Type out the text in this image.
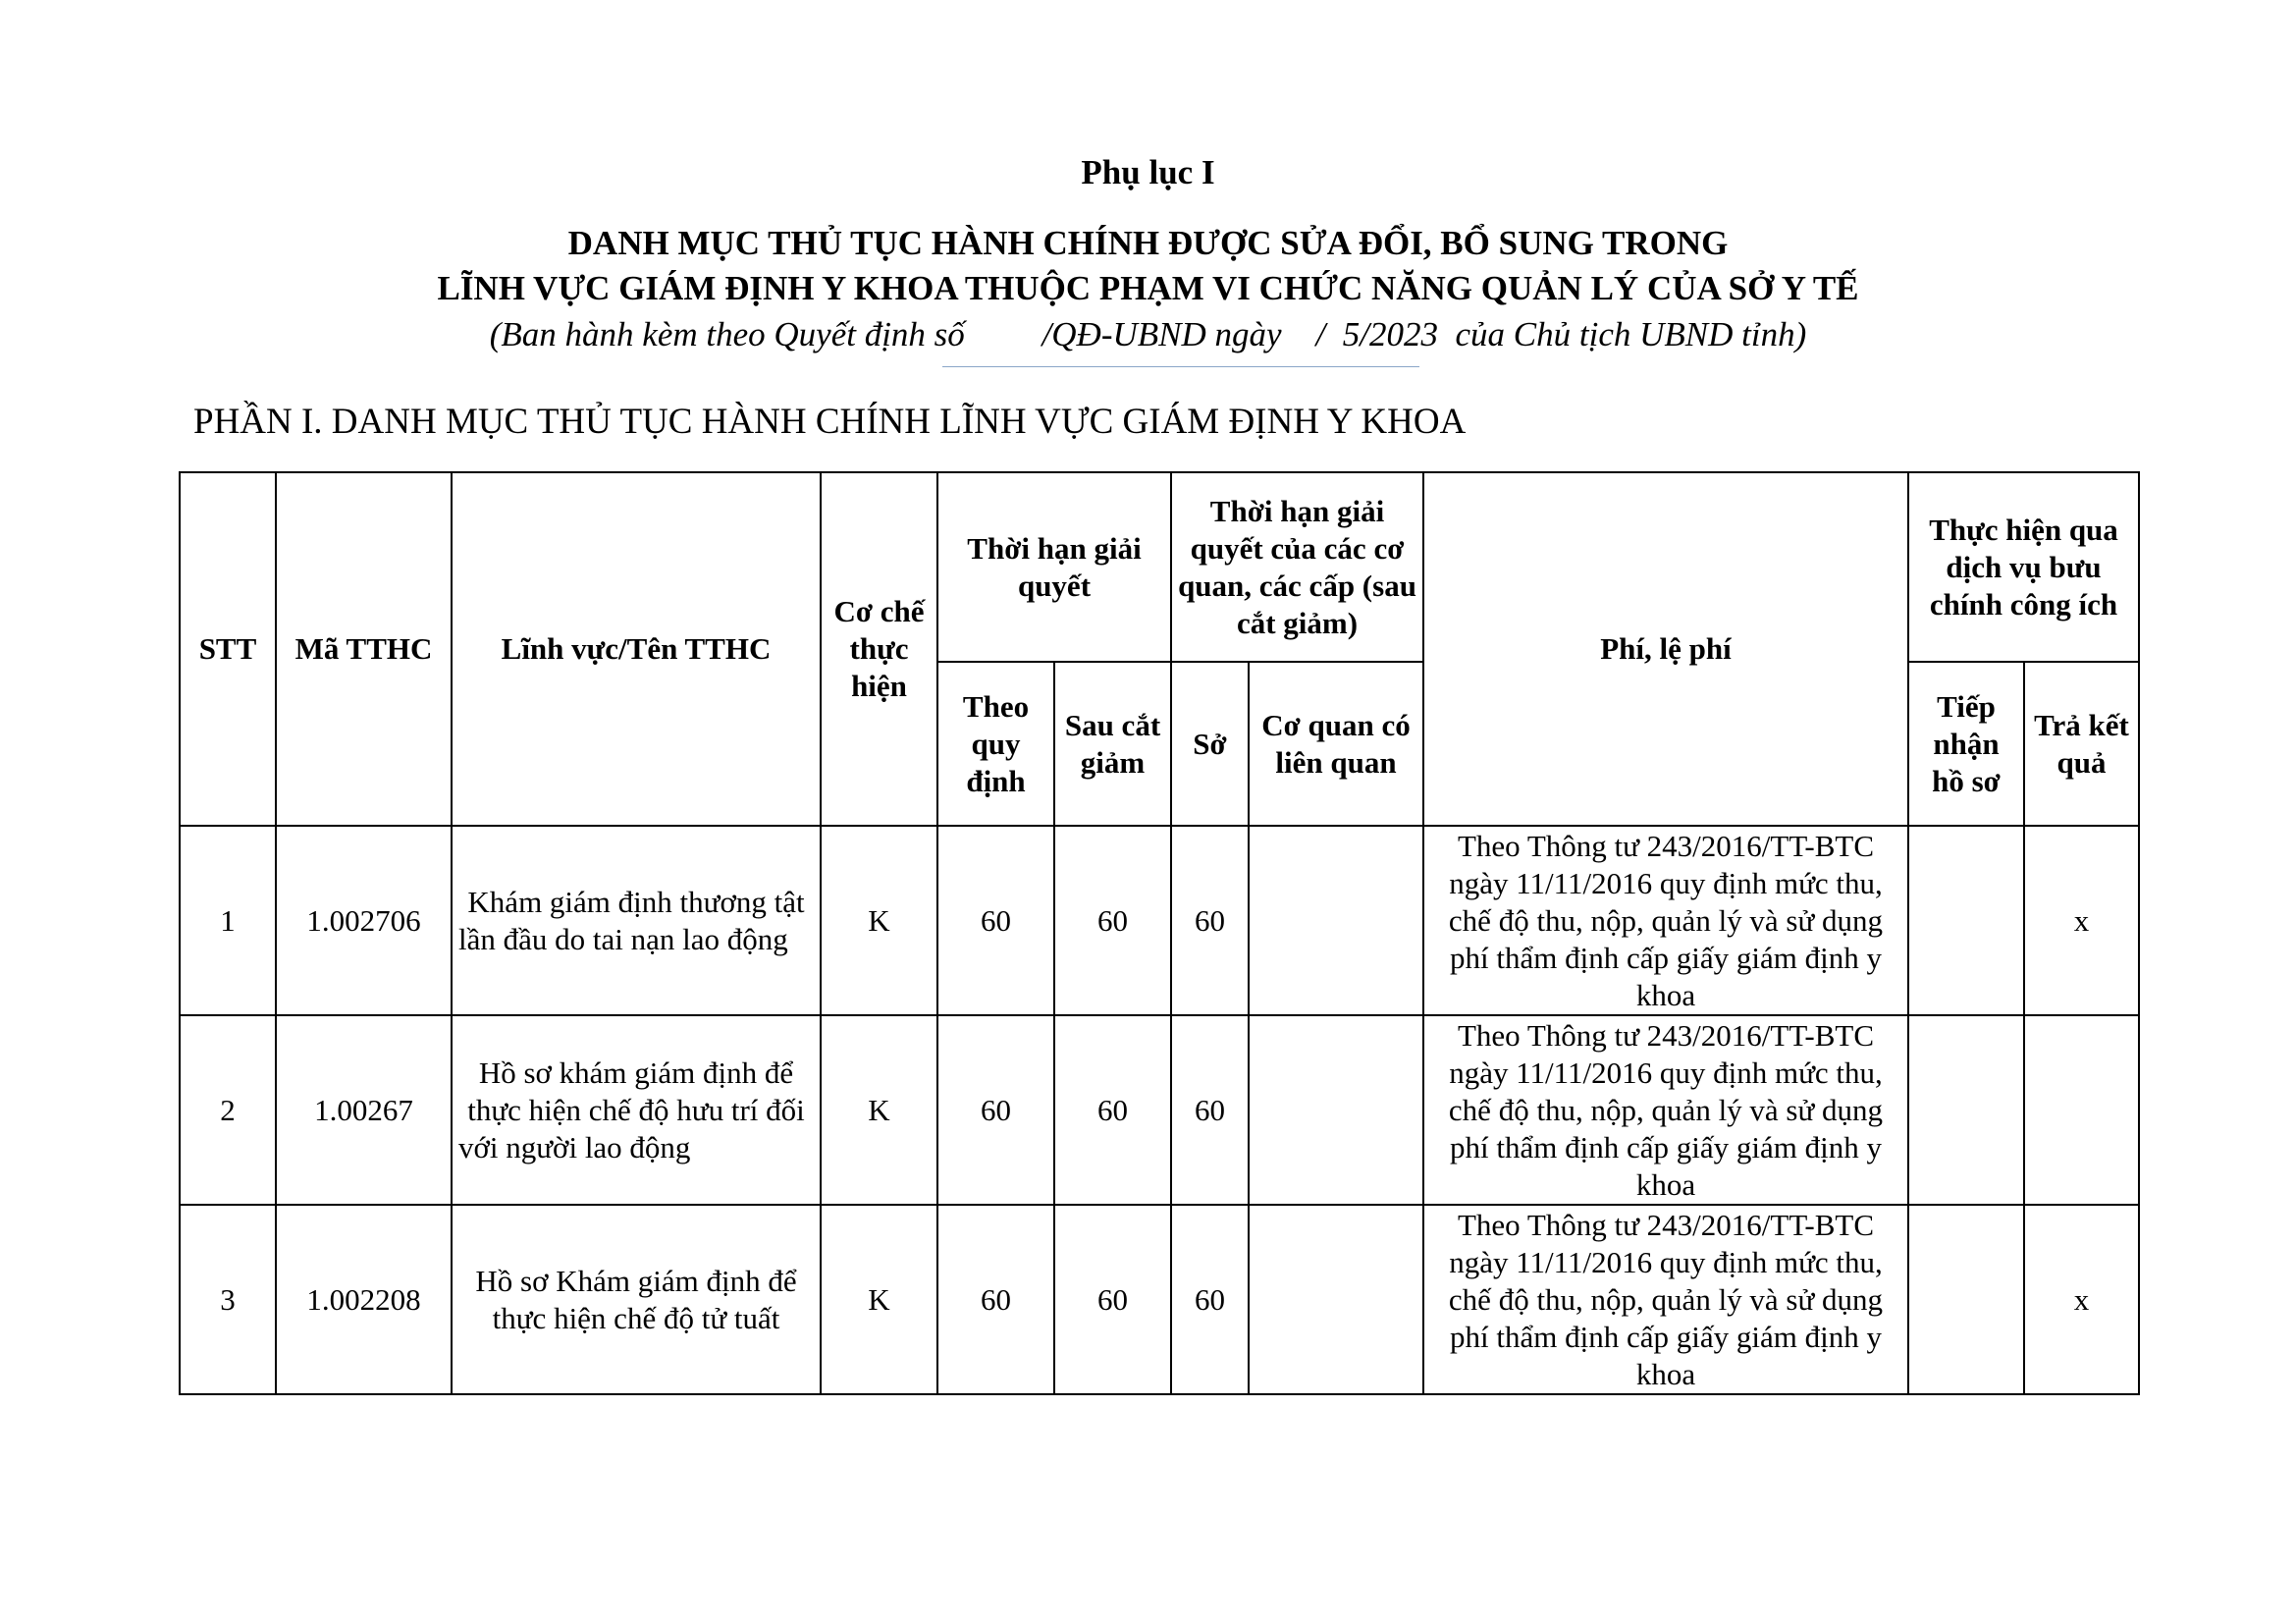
Phụ lục I
DANH MỤC THỦ TỤC HÀNH CHÍNH ĐƯỢC SỬA ĐỔI, BỔ SUNG TRONG
LĨNH VỰC GIÁM ĐỊNH Y KHOA THUỘC PHẠM VI CHỨC NĂNG QUẢN LÝ CỦA SỞ Y TẾ
(Ban hành kèm theo Quyết định số         /QĐ-UBND ngày    /  5/2023  của Chủ tịch UBND tỉnh)
PHẦN I. DANH MỤC THỦ TỤC HÀNH CHÍNH LĨNH VỰC GIÁM ĐỊNH Y KHOA
STT	Mã TTHC	Lĩnh vực/Tên TTHC	Cơ chế thực hiện	Thời hạn giải quyết		Thời hạn giải quyết của các cơ quan, các cấp (sau cắt giảm)		Phí, lệ phí	Thực hiện qua dịch vụ bưu chính công ích	
				Theo quy định	Sau cắt giảm	Sở	Cơ quan có liên quan		Tiếp nhận hồ sơ	Trả kết quả
1	1.002706	Khám giám định thương tật lần đầu do tai nạn lao động	K	60	60	60		Theo Thông tư 243/2016/TT-BTC ngày 11/11/2016 quy định mức thu, chế độ thu, nộp, quản lý và sử dụng phí thẩm định cấp giấy giám định y khoa		x
2	1.00267	Hồ sơ khám giám định để thực hiện chế độ hưu trí đối với người lao động	K	60	60	60		Theo Thông tư 243/2016/TT-BTC ngày 11/11/2016 quy định mức thu, chế độ thu, nộp, quản lý và sử dụng phí thẩm định cấp giấy giám định y khoa		
3	1.002208	Hồ sơ Khám giám định để thực hiện chế độ tử tuất	K	60	60	60		Theo Thông tư 243/2016/TT-BTC ngày 11/11/2016 quy định mức thu, chế độ thu, nộp, quản lý và sử dụng phí thẩm định cấp giấy giám định y khoa		x
